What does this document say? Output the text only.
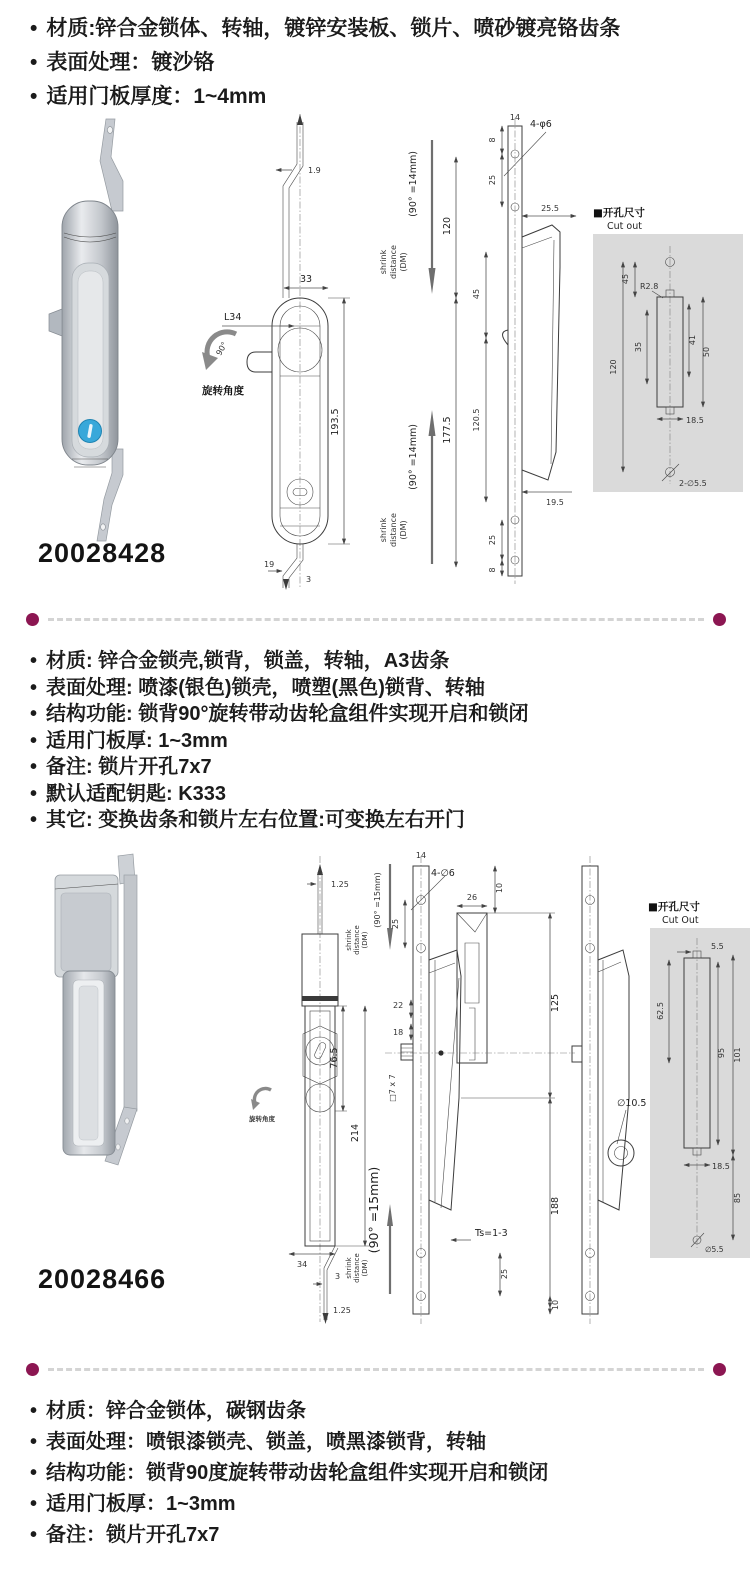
• 材质:锌合金锁体、转轴，镀锌安装板、锁片、喷砂镀亮铬齿条
• 表面处理：镀沙铬
• 适用门板厚度：1~4mm
20028428
1.9
33
L34
193.5
19
3
90°
旋转角度
(90° =14mm)
shrink distance (DM)
120
(90° =14mm)
shrink distance (DM)
177.5
4-φ6
14
8
25
25.5
45
120.5
19.5
25
8
■开孔尺寸
Cut out
R2.8
45
35
41
50
18.5
120
2-∅5.5
• 材质: 锌合金锁壳,锁背，锁盖，转轴，A3齿条
• 表面处理: 喷漆(银色)锁壳，喷塑(黑色)锁背、转轴
• 结构功能: 锁背90°旋转带动齿轮盒组件实现开启和锁闭
• 适用门板厚: 1~3mm
• 备注: 锁片开孔7x7
• 默认适配钥匙: K333
• 其它: 变换齿条和锁片左右位置:可变换左右开门
20028466
1.25
76.5
214
34
3
1.25
旋转角度
(90° =15mm)
shrink distance (DM)
(90° =15mm)
shrink distance (DM)
14
4-∅6
25
10
26
22
18
□7 x 7
125
188
Ts=1-3
25
10
∅10.5
■开孔尺寸
Cut Out
5.5
62.5
95 101
18.5
85
∅5.5
• 材质：锌合金锁体，碳钢齿条
• 表面处理：喷银漆锁壳、锁盖，喷黑漆锁背，转轴
• 结构功能：锁背90度旋转带动齿轮盒组件实现开启和锁闭
• 适用门板厚：1~3mm
• 备注：锁片开孔7x7
